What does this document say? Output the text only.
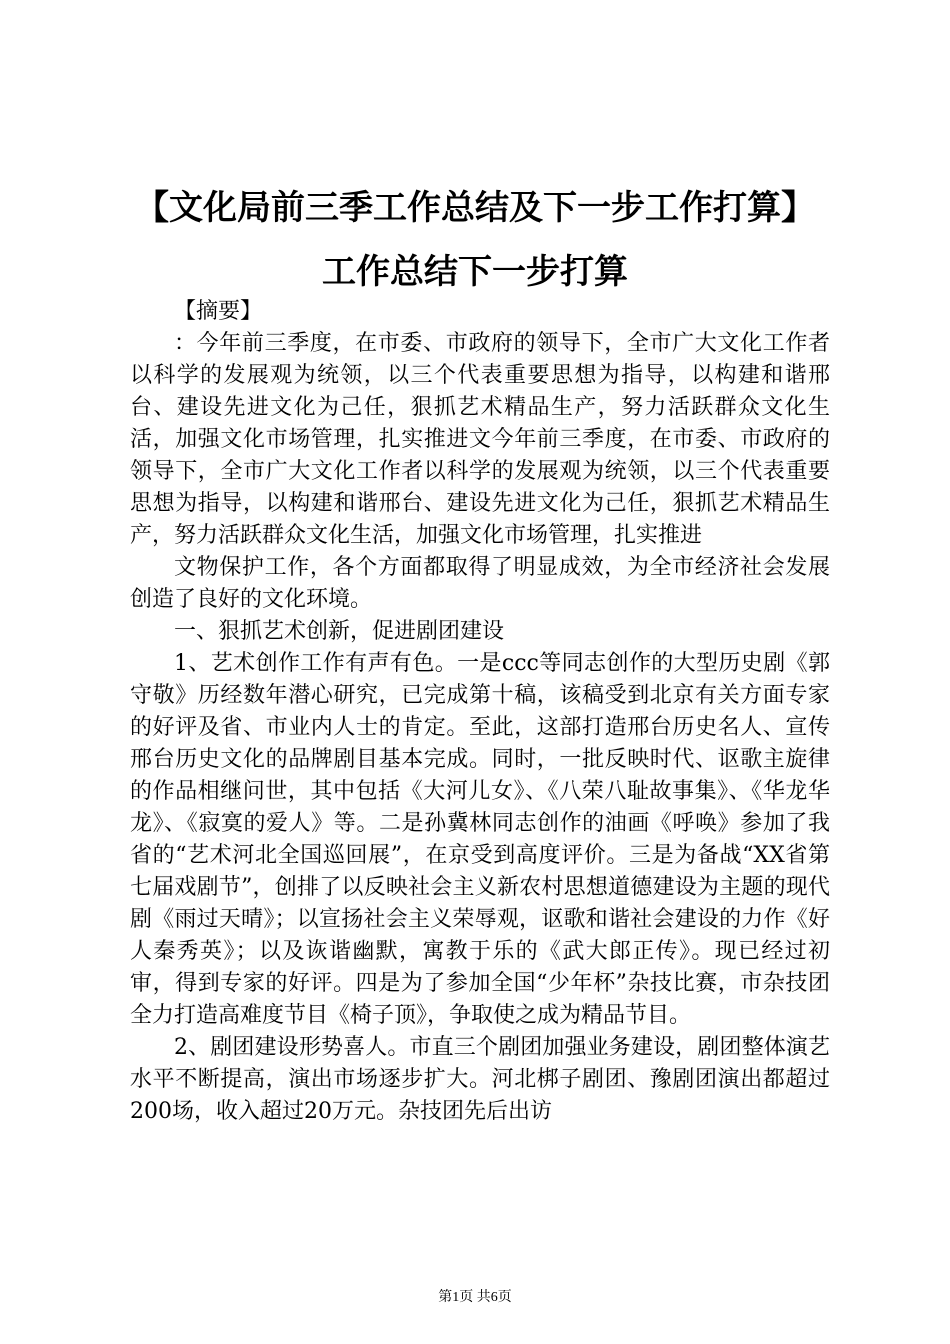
【文化局前三季工作总结及下一步工作打算】
工作总结下一步打算

【摘要】

：今年前三季度，在市委、市政府的领导下，全市广大文化工作者以科学的发展观为统领，以三个代表重要思想为指导，以构建和谐邢台、建设先进文化为己任，狠抓艺术精品生产，努力活跃群众文化生活，加强文化市场管理，扎实推进文今年前三季度，在市委、市政府的领导下，全市广大文化工作者以科学的发展观为统领，以三个代表重要思想为指导，以构建和谐邢台、建设先进文化为己任，狠抓艺术精品生产，努力活跃群众文化生活，加强文化市场管理，扎实推进

文物保护工作，各个方面都取得了明显成效，为全市经济社会发展创造了良好的文化环境。

一、狠抓艺术创新，促进剧团建设

1、艺术创作工作有声有色。一是ccc等同志创作的大型历史剧《郭守敬》历经数年潜心研究，已完成第十稿，该稿受到北京有关方面专家的好评及省、市业内人士的肯定。至此，这部打造邢台历史名人、宣传邢台历史文化的品牌剧目基本完成。同时，一批反映时代、讴歌主旋律的作品相继问世，其中包括《大河儿女》、《八荣八耻故事集》、《华龙华龙》、《寂寞的爱人》等。二是孙冀林同志创作的油画《呼唤》参加了我省的“艺术河北全国巡回展”，在京受到高度评价。三是为备战“XX省第七届戏剧节”，创排了以反映社会主义新农村思想道德建设为主题的现代剧《雨过天晴》；以宣扬社会主义荣辱观，讴歌和谐社会建设的力作《好人秦秀英》；以及诙谐幽默，寓教于乐的《武大郎正传》。现已经过初审，得到专家的好评。四是为了参加全国“少年杯”杂技比赛，市杂技团全力打造高难度节目《椅子顶》，争取使之成为精品节目。

2、剧团建设形势喜人。市直三个剧团加强业务建设，剧团整体演艺水平不断提高，演出市场逐步扩大。河北梆子剧团、豫剧团演出都超过200场，收入超过20万元。杂技团先后出访

第1页 共6页
